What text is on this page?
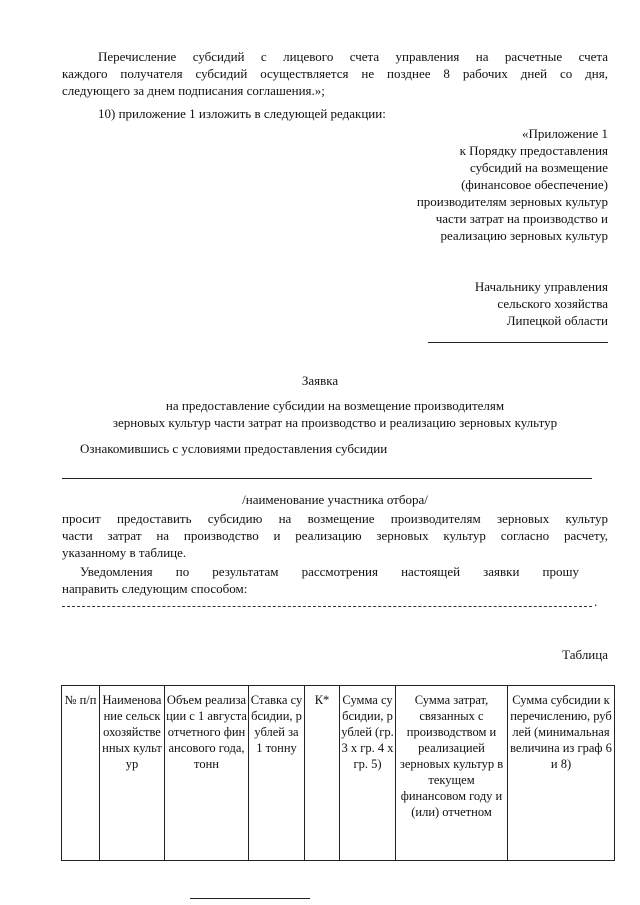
Перечисление субсидий с лицевого счета управления на расчетные счета
каждого получателя субсидий осуществляется не позднее 8 рабочих дней со дня,
следующего за днем подписания соглашения.»;
10) приложение 1 изложить в следующей редакции:
«Приложение 1
к Порядку предоставления
субсидий на возмещение
(финансовое обеспечение)
производителям зерновых культур
части затрат на производство и
реализацию зерновых культур
Начальнику управления
сельского хозяйства
Липецкой области
Заявка
на предоставление субсидии на возмещение производителям
зерновых культур части затрат на производство и реализацию зерновых культур
Ознакомившись с условиями предоставления субсидии
/наименование участника отбора/
просит предоставить субсидию на возмещение производителям зерновых культур
части затрат на производство и реализацию зерновых культур согласно расчету,
указанному в таблице.
Уведомления по результатам рассмотрения настоящей заявки прошу
направить следующим способом:
.
Таблица
№ п/п	Наименование сельскохозяйственных культур	Объем реализации с 1 августа отчетного финансового года, тонн	Ставка субсидии, рублей за 1 тонну	К*	Сумма субсидии, рублей (гр. 3 х гр. 4 х гр. 5)	Сумма затрат, связанных с производством и реализацией зерновых культур в текущем финансовом году и (или) отчетном	Сумма субсидии к перечислению, рублей (минимальная величина из граф 6 и 8)
